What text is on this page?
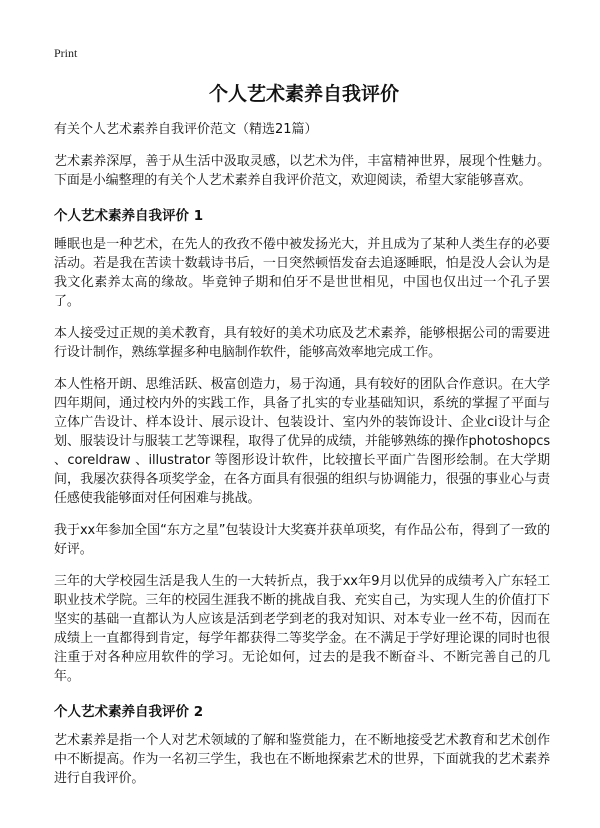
Print
个人艺术素养自我评价
有关个人艺术素养自我评价范文（精选21篇）

艺术素养深厚，善于从生活中汲取灵感，以艺术为伴，丰富精神世界，展现个性魅力。下面是小编整理的有关个人艺术素养自我评价范文，欢迎阅读，希望大家能够喜欢。

个人艺术素养自我评价 1

睡眠也是一种艺术，在先人的孜孜不倦中被发扬光大，并且成为了某种人类生存的必要活动。若是我在苦读十数载诗书后，一日突然顿悟发奋去追逐睡眠，怕是没人会认为是我文化素养太高的缘故。毕竟钟子期和伯牙不是世世相见，中国也仅出过一个孔子罢了。

本人接受过正规的美术教育，具有较好的美术功底及艺术素养，能够根据公司的需要进行设计制作，熟练掌握多种电脑制作软件，能够高效率地完成工作。

本人性格开朗、思维活跃、极富创造力，易于沟通，具有较好的团队合作意识。在大学四年期间，通过校内外的实践工作，具备了扎实的专业基础知识，系统的掌握了平面与立体广告设计、样本设计、展示设计、包装设计、室内外的装饰设计、企业ci设计与企划、服装设计与服装工艺等课程，取得了优异的成绩，并能够熟练的操作photoshopcs 、coreldraw 、illustrator 等图形设计软件，比较擅长平面广告图形绘制。在大学期间，我屡次获得各项奖学金，在各方面具有很强的组织与协调能力，很强的事业心与责任感使我能够面对任何困难与挑战。

我于xx年参加全国“东方之星”包装设计大奖赛并获单项奖，有作品公布，得到了一致的好评。

三年的大学校园生活是我人生的一大转折点，我于xx年9月以优异的成绩考入广东轻工职业技术学院。三年的校园生涯我不断的挑战自我、充实自己，为实现人生的价值打下坚实的基础一直都认为人应该是活到老学到老的我对知识、对本专业一丝不苟，因而在成绩上一直都得到肯定，每学年都获得二等奖学金。在不满足于学好理论课的同时也很注重于对各种应用软件的学习。无论如何，过去的是我不断奋斗、不断完善自己的几年。

个人艺术素养自我评价 2

艺术素养是指一个人对艺术领域的了解和鉴赏能力，在不断地接受艺术教育和艺术创作中不断提高。作为一名初三学生，我也在不断地探索艺术的世界，下面就我的艺术素养进行自我评价。
